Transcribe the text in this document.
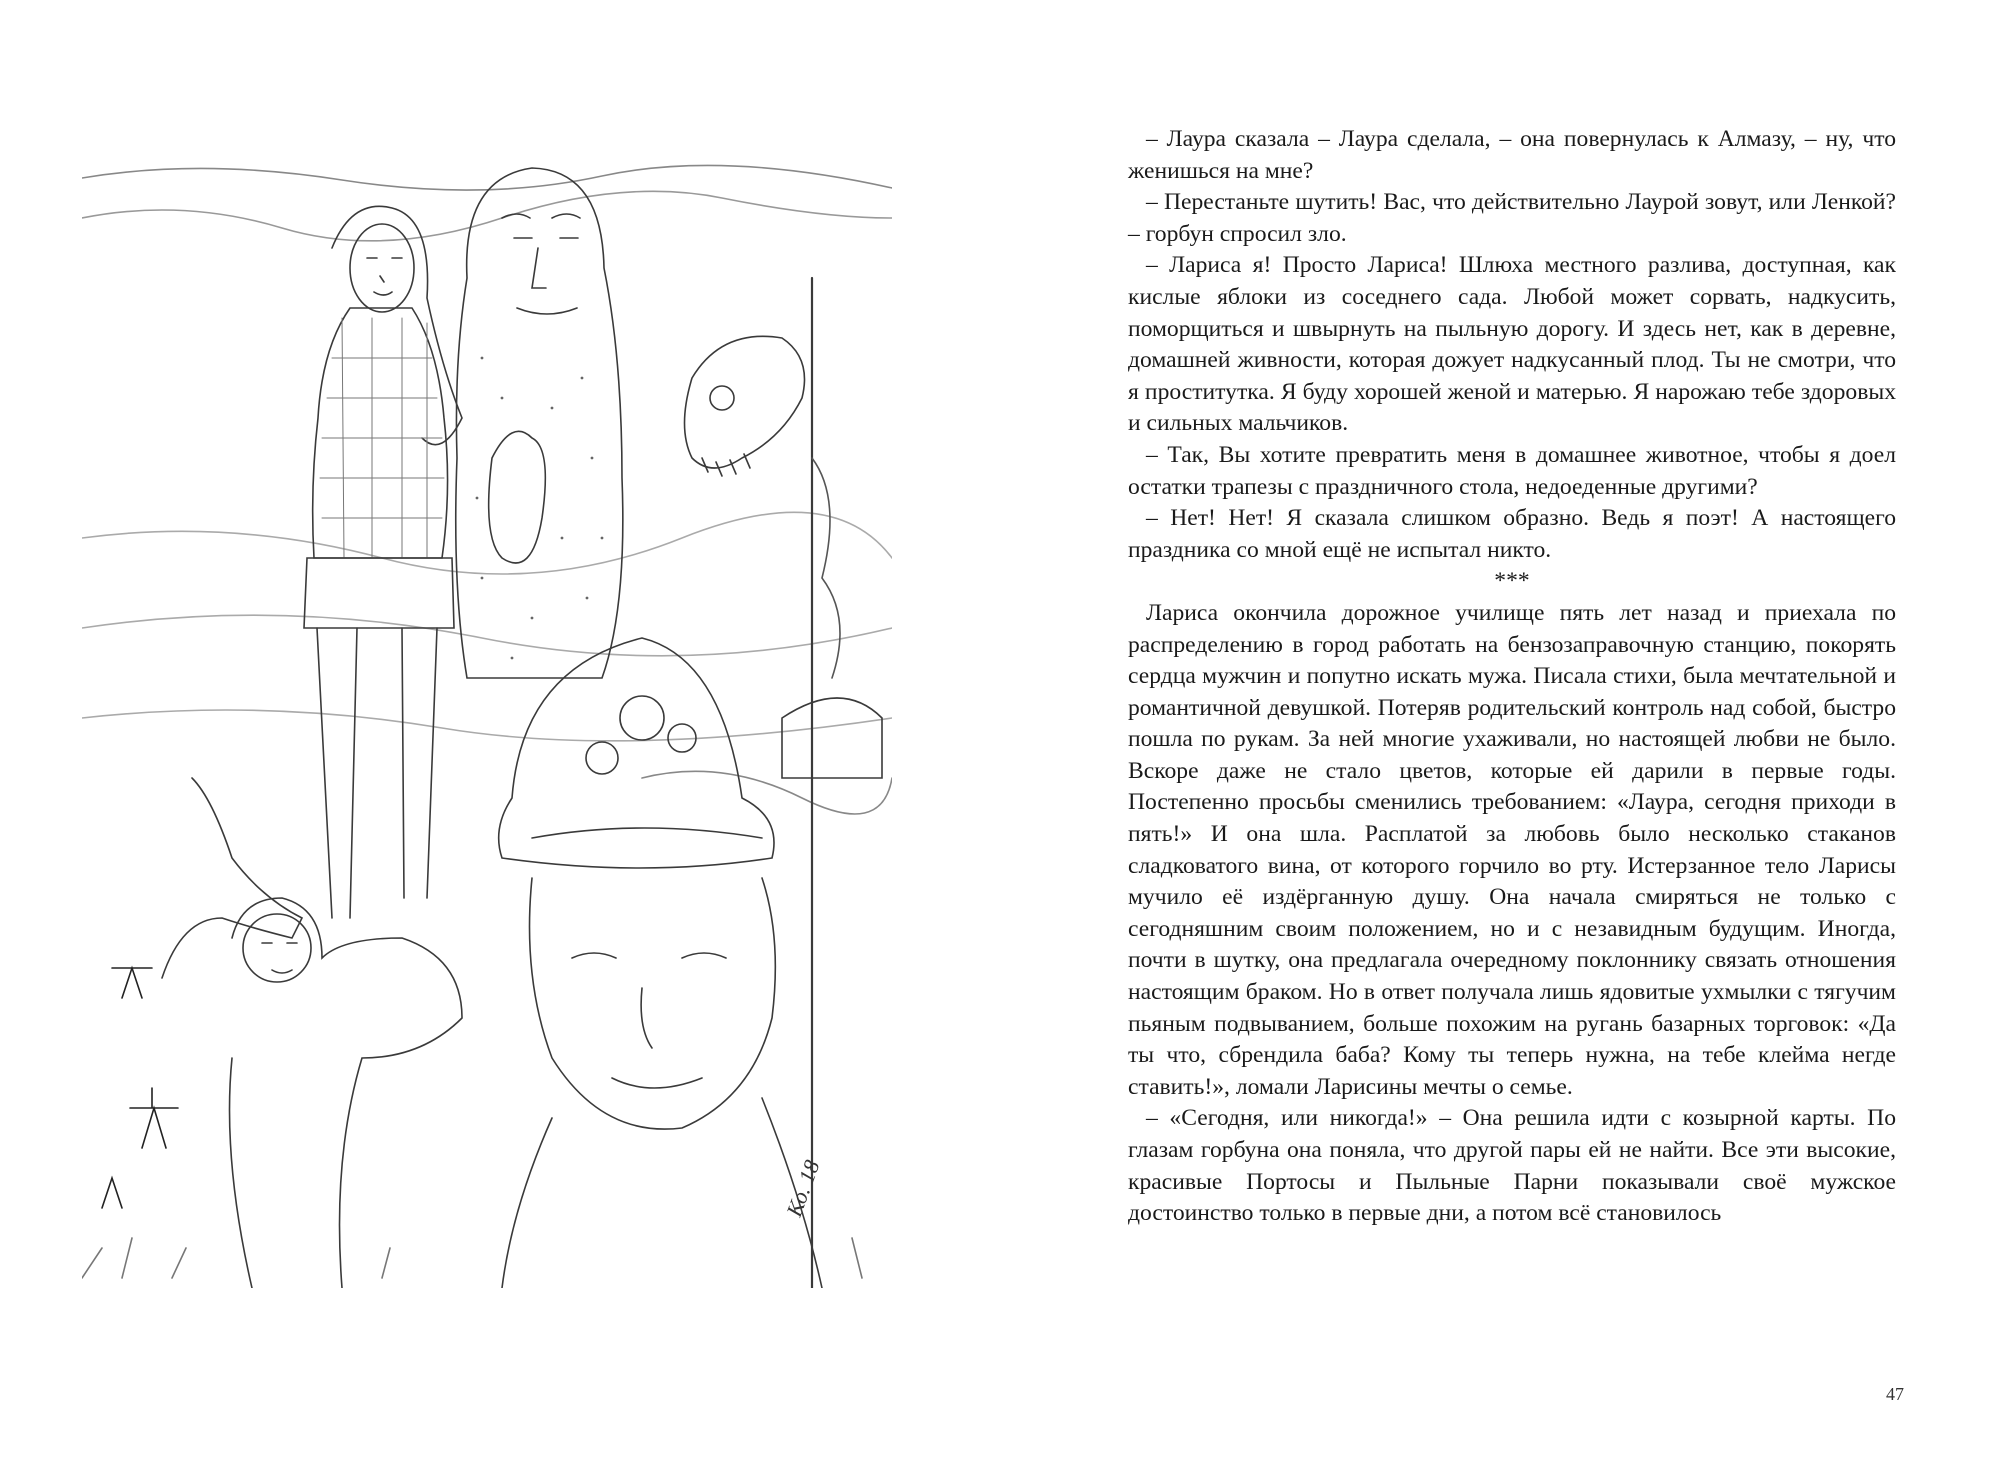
Ко. 18

– Лаура сказала – Лаура сделала, – она повернулась к Алмазу, – ну, что женишься на мне?

– Перестаньте шутить! Вас, что действительно Лаурой зовут, или Ленкой? – горбун спросил зло.

– Лариса я! Просто Лариса! Шлюха местного разлива, доступная, как кислые яблоки из соседнего сада. Любой может сорвать, надкусить, поморщиться и швырнуть на пыльную дорогу. И здесь нет, как в деревне, домашней живности, которая дожует надкусанный плод. Ты не смотри, что я проститутка. Я буду хорошей женой и матерью. Я нарожаю тебе здоровых и сильных мальчиков.

– Так, Вы хотите превратить меня в домашнее животное, чтобы я доел остатки трапезы с праздничного стола, недоеденные другими?

– Нет! Нет! Я сказала слишком образно. Ведь я поэт! А настоящего праздника со мной ещё не испытал никто.

***

Лариса окончила дорожное училище пять лет назад и приехала по распределению в город работать на бензозаправочную станцию, покорять сердца мужчин и попутно искать мужа. Писала стихи, была мечтательной и романтичной девушкой. Потеряв родительский контроль над собой, быстро пошла по рукам. За ней многие ухаживали, но настоящей любви не было. Вскоре даже не стало цветов, которые ей дарили в первые годы. Постепенно просьбы сменились требованием: «Лаура, сегодня приходи в пять!» И она шла. Расплатой за любовь было несколько стаканов сладковатого вина, от которого горчило во рту. Истерзанное тело Ларисы мучило её издёрганную душу. Она начала смиряться не только с сегодняшним своим положением, но и с незавидным будущим. Иногда, почти в шутку, она предлагала очередному поклоннику связать отношения настоящим браком. Но в ответ получала лишь ядовитые ухмылки с тягучим пьяным подвыванием, больше похожим на ругань базарных торговок: «Да ты что, сбрендила баба? Кому ты теперь нужна, на тебе клейма негде ставить!», ломали Ларисины мечты о семье.

– «Сегодня, или никогда!» – Она решила идти с козырной карты. По глазам горбуна она поняла, что другой пары ей не найти. Все эти высокие, красивые Портосы и Пыльные Парни показывали своё мужское достоинство только в первые дни, а потом всё становилось

47
